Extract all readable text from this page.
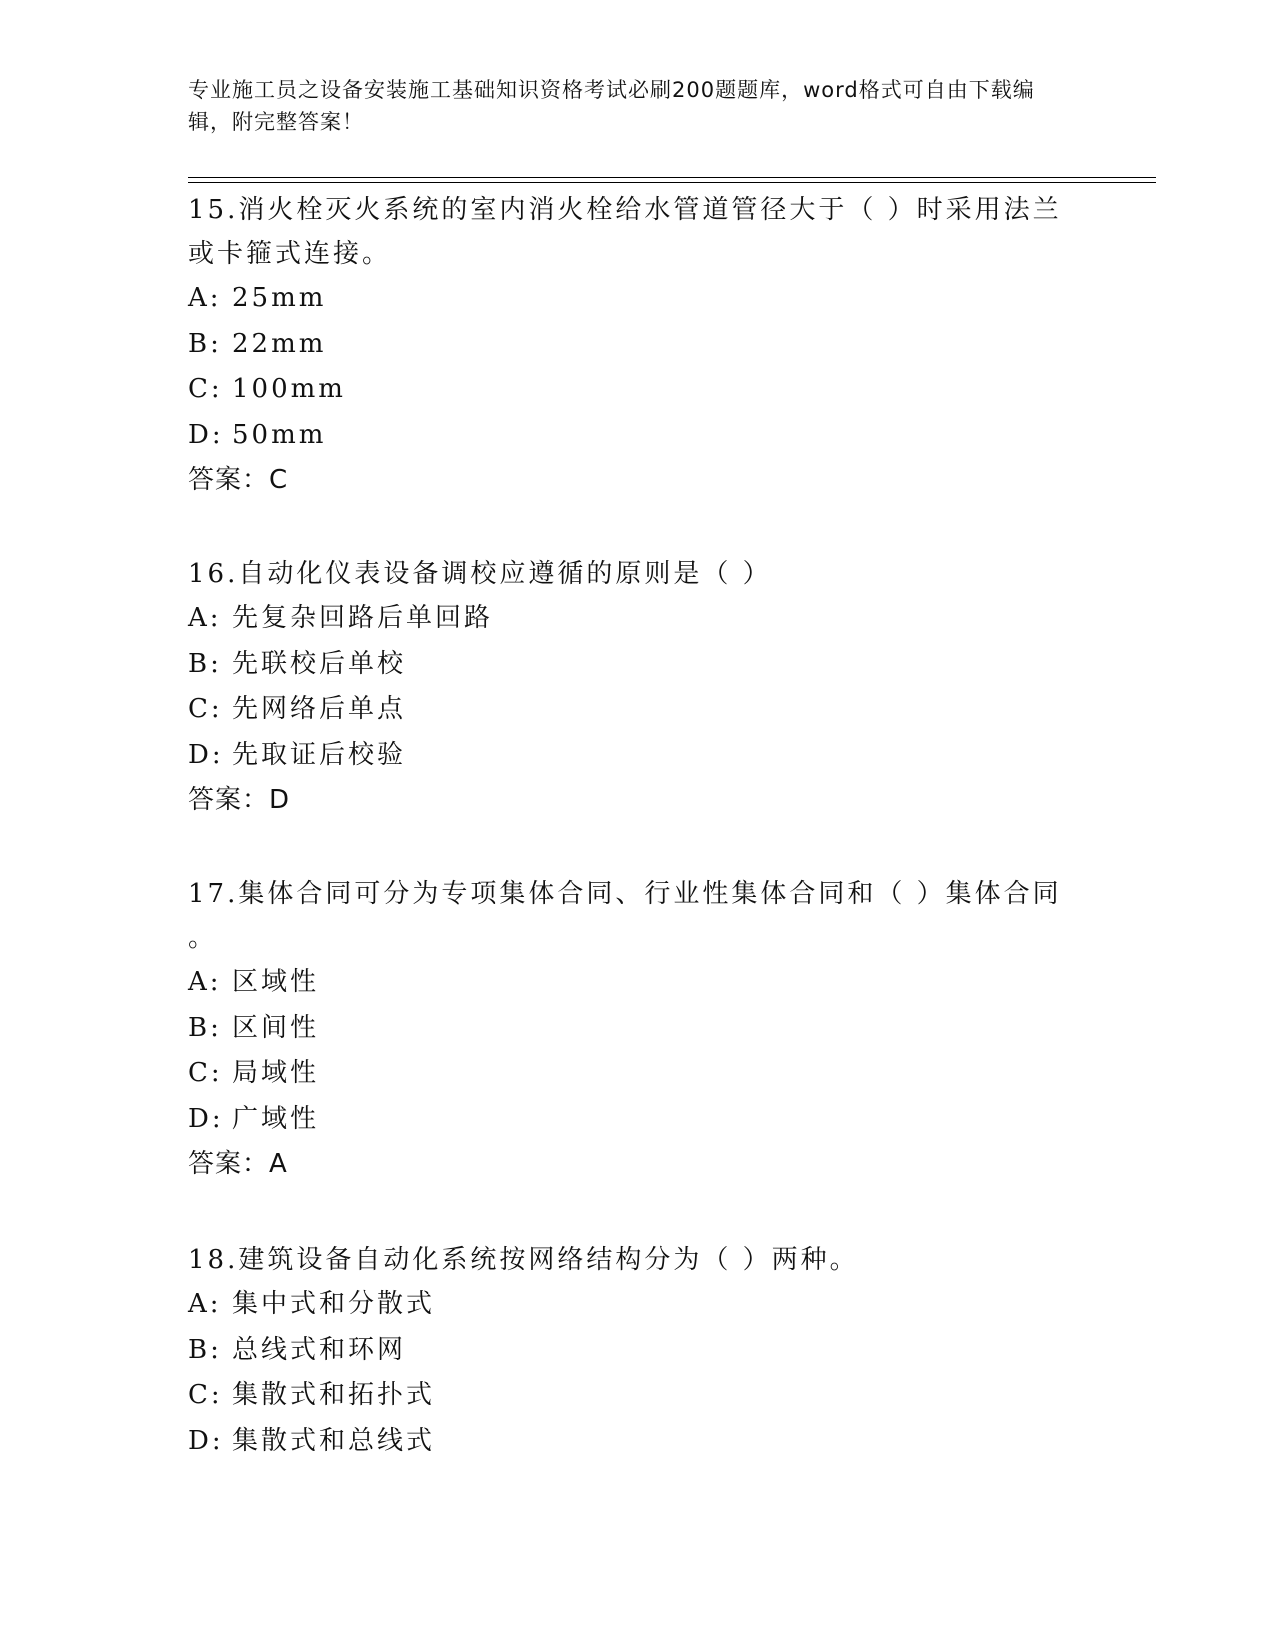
专业施工员之设备安装施工基础知识资格考试必刷200题题库，word格式可自由下载编辑，附完整答案！
15.消火栓灭火系统的室内消火栓给水管道管径大于（ ）时采用法兰
或卡箍式连接。
A: 25mm
B: 22mm
C: 100mm
D: 50mm
答案：C
16.自动化仪表设备调校应遵循的原则是（ ）
A: 先复杂回路后单回路
B: 先联校后单校
C: 先网络后单点
D: 先取证后校验
答案：D
17.集体合同可分为专项集体合同、行业性集体合同和（ ）集体合同
。
A: 区域性
B: 区间性
C: 局域性
D: 广域性
答案：A
18.建筑设备自动化系统按网络结构分为（ ）两种。
A: 集中式和分散式
B: 总线式和环网
C: 集散式和拓扑式
D: 集散式和总线式
